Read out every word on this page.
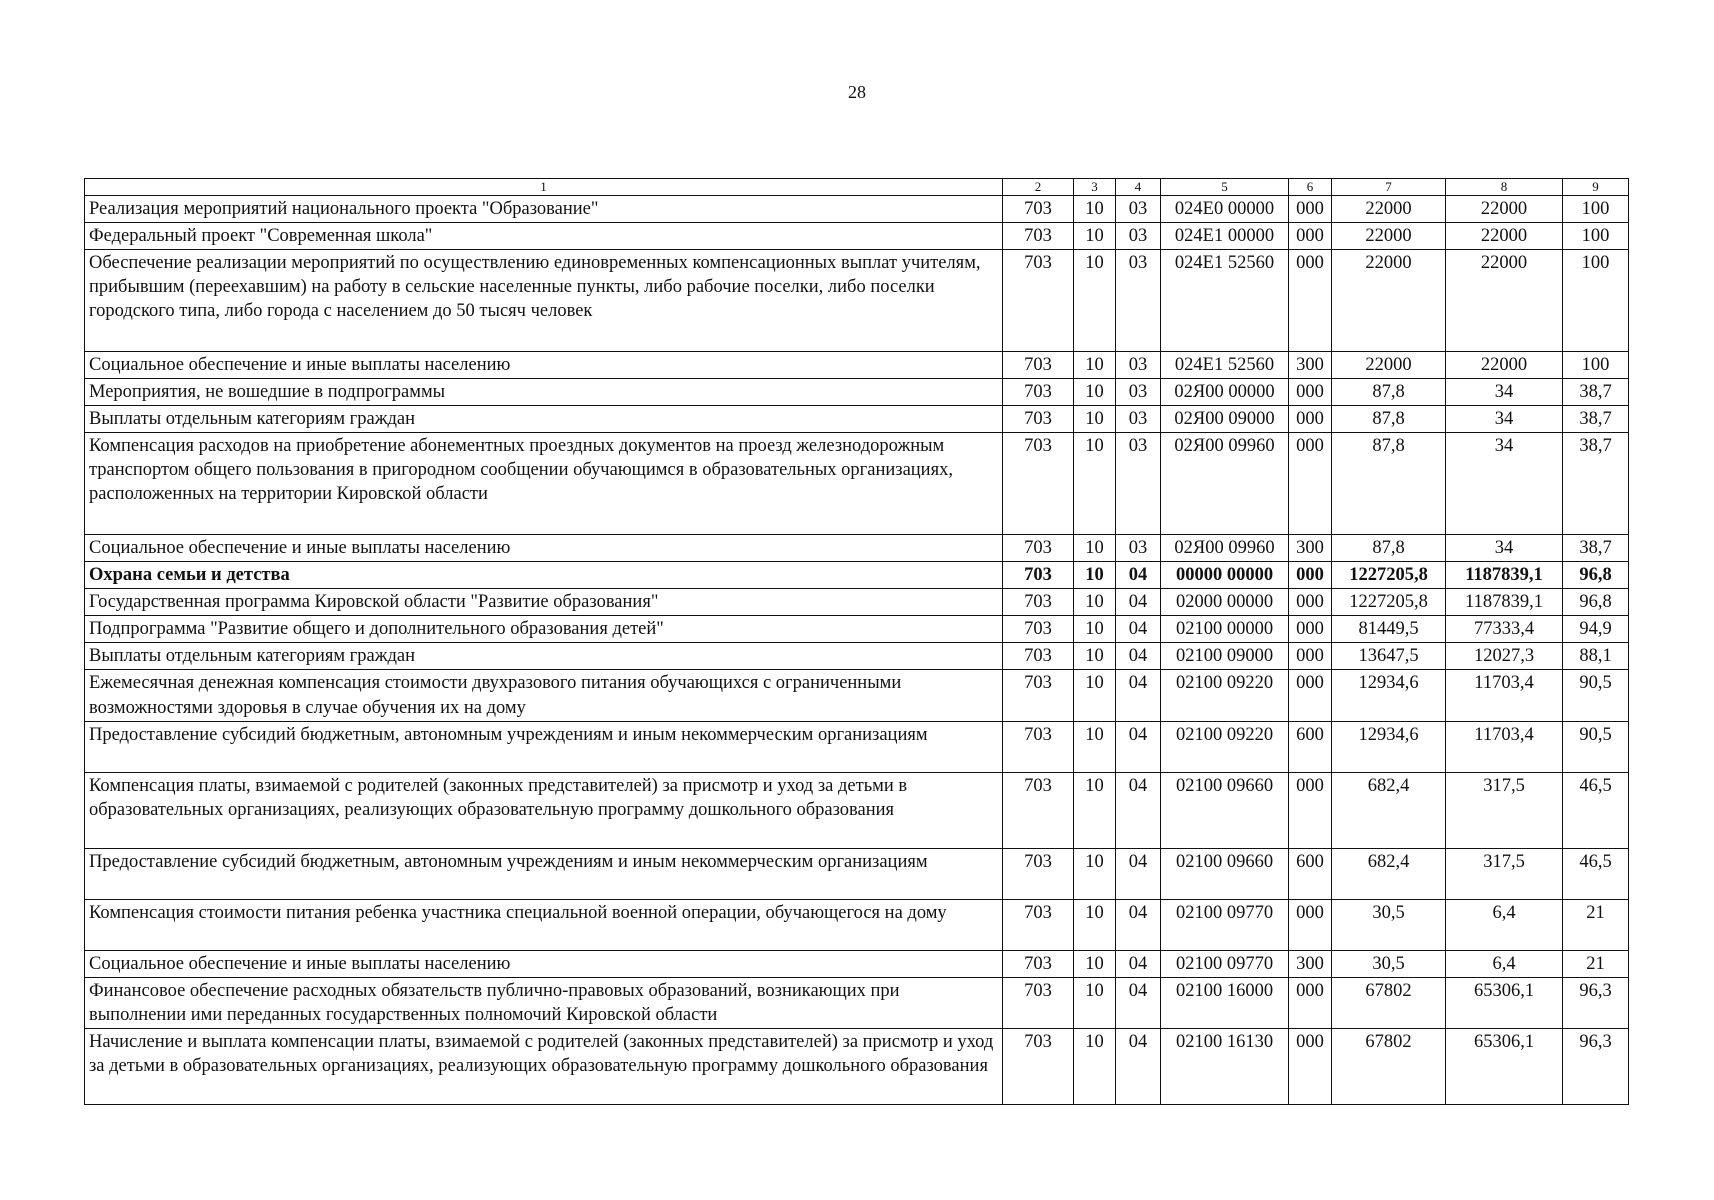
28
1	2	3	4	5	6	7	8	9
Реализация мероприятий национального проекта "Образование"	703	10	03	024E0 00000	000	22000	22000	100
Федеральный проект "Современная школа"	703	10	03	024E1 00000	000	22000	22000	100
Обеспечение реализации мероприятий по осуществлению единовременных компенсационных выплат учителям, прибывшим (переехавшим) на работу в сельские населенные пункты, либо рабочие поселки, либо поселки городского типа, либо города с населением до 50 тысяч человек	703	10	03	024E1 52560	000	22000	22000	100
Социальное обеспечение и иные выплаты населению	703	10	03	024E1 52560	300	22000	22000	100
Мероприятия, не вошедшие в подпрограммы	703	10	03	02Я00 00000	000	87,8	34	38,7
Выплаты отдельным категориям граждан	703	10	03	02Я00 09000	000	87,8	34	38,7
Компенсация расходов на приобретение абонементных проездных документов на проезд железнодорожным транспортом общего пользования в пригородном сообщении обучающимся в образовательных организациях, расположенных на территории Кировской области	703	10	03	02Я00 09960	000	87,8	34	38,7
Социальное обеспечение и иные выплаты населению	703	10	03	02Я00 09960	300	87,8	34	38,7
Охрана семьи и детства	703	10	04	00000 00000	000	1227205,8	1187839,1	96,8
Государственная программа Кировской области "Развитие образования"	703	10	04	02000 00000	000	1227205,8	1187839,1	96,8
Подпрограмма "Развитие общего и дополнительного образования детей"	703	10	04	02100 00000	000	81449,5	77333,4	94,9
Выплаты отдельным категориям граждан	703	10	04	02100 09000	000	13647,5	12027,3	88,1
Ежемесячная денежная компенсация стоимости двухразового питания обучающихся с ограниченными возможностями здоровья в случае обучения их на дому	703	10	04	02100 09220	000	12934,6	11703,4	90,5
Предоставление субсидий бюджетным, автономным учреждениям и иным некоммерческим организациям	703	10	04	02100 09220	600	12934,6	11703,4	90,5
Компенсация платы, взимаемой с родителей (законных представителей) за присмотр и уход за детьми в образовательных организациях, реализующих образовательную программу дошкольного образования	703	10	04	02100 09660	000	682,4	317,5	46,5
Предоставление субсидий бюджетным, автономным учреждениям и иным некоммерческим организациям	703	10	04	02100 09660	600	682,4	317,5	46,5
Компенсация стоимости питания ребенка участника специальной военной операции, обучающегося на дому	703	10	04	02100 09770	000	30,5	6,4	21
Социальное обеспечение и иные выплаты населению	703	10	04	02100 09770	300	30,5	6,4	21
Финансовое обеспечение расходных обязательств публично-правовых образований, возникающих при выполнении ими переданных государственных полномочий Кировской области	703	10	04	02100 16000	000	67802	65306,1	96,3
Начисление и выплата компенсации платы, взимаемой с родителей (законных представителей) за присмотр и уход за детьми в образовательных организациях, реализующих образовательную программу дошкольного образования	703	10	04	02100 16130	000	67802	65306,1	96,3
